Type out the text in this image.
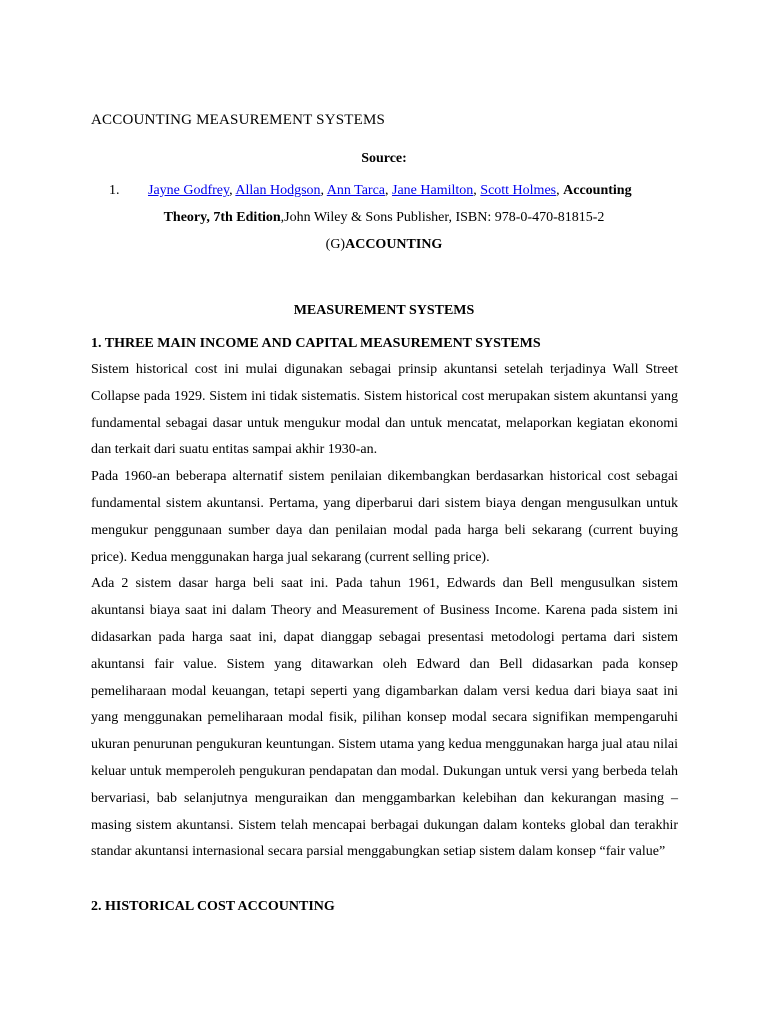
ACCOUNTING MEASUREMENT SYSTEMS
Source:
1. Jayne Godfrey, Allan Hodgson, Ann Tarca, Jane Hamilton, Scott Holmes, Accounting
Theory, 7th Edition,John Wiley & Sons Publisher, ISBN: 978-0-470-81815-2
(G)ACCOUNTING
MEASUREMENT SYSTEMS
1. THREE MAIN INCOME AND CAPITAL MEASUREMENT SYSTEMS

Sistem historical cost ini mulai digunakan sebagai prinsip akuntansi setelah terjadinya Wall Street Collapse pada 1929. Sistem ini tidak sistematis. Sistem historical cost merupakan sistem akuntansi yang fundamental sebagai dasar untuk mengukur modal dan untuk mencatat, melaporkan kegiatan ekonomi dan terkait dari suatu entitas sampai akhir 1930-an.

Pada 1960-an beberapa alternatif sistem penilaian dikembangkan berdasarkan historical cost sebagai fundamental sistem akuntansi. Pertama, yang diperbarui dari sistem biaya dengan mengusulkan untuk mengukur penggunaan sumber daya dan penilaian modal pada harga beli sekarang (current buying price). Kedua menggunakan harga jual sekarang (current selling price).

Ada 2 sistem dasar harga beli saat ini. Pada tahun 1961, Edwards dan Bell mengusulkan sistem akuntansi biaya saat ini dalam Theory and Measurement of Business Income. Karena pada sistem ini didasarkan pada harga saat ini, dapat dianggap sebagai presentasi metodologi pertama dari sistem akuntansi fair value. Sistem yang ditawarkan oleh Edward dan Bell didasarkan pada konsep pemeliharaan modal keuangan, tetapi seperti yang digambarkan dalam versi kedua dari biaya saat ini yang menggunakan pemeliharaan modal fisik, pilihan konsep modal secara signifikan mempengaruhi ukuran penurunan pengukuran keuntungan. Sistem utama yang kedua menggunakan harga jual atau nilai keluar untuk memperoleh pengukuran pendapatan dan modal. Dukungan untuk versi yang berbeda telah bervariasi, bab selanjutnya menguraikan dan menggambarkan kelebihan dan kekurangan masing – masing sistem akuntansi. Sistem telah mencapai berbagai dukungan dalam konteks global dan terakhir standar akuntansi internasional secara parsial menggabungkan setiap sistem dalam konsep “fair value”

2. HISTORICAL COST ACCOUNTING
